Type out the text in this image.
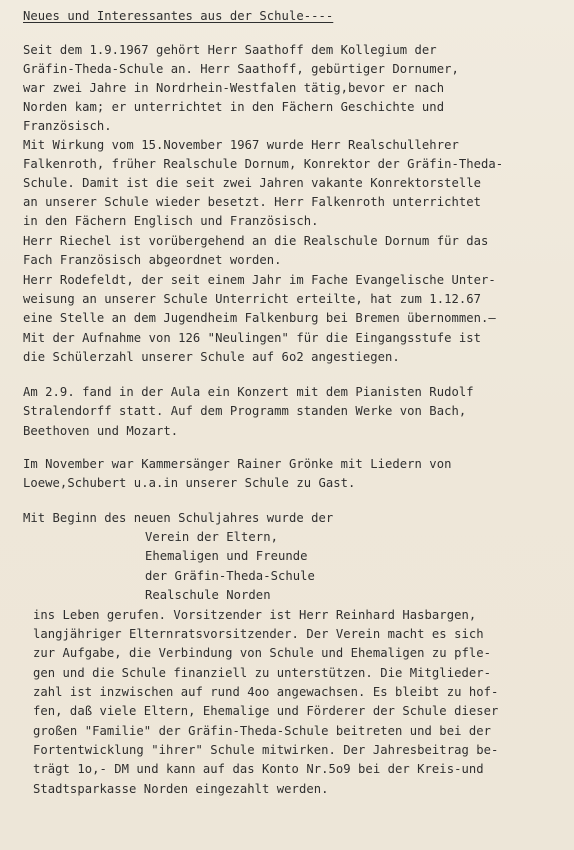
Neues und Interessantes aus der Schule----
Seit dem 1.9.1967 gehört Herr Saathoff dem Kollegium der
Gräfin-Theda-Schule an. Herr Saathoff, gebürtiger Dornumer,
war zwei Jahre in Nordrhein-Westfalen tätig,bevor er nach
Norden kam; er unterrichtet in den Fächern Geschichte und
Französisch.
Mit Wirkung vom 15.November 1967 wurde Herr Realschullehrer
Falkenroth, früher Realschule Dornum, Konrektor der Gräfin-Theda-
Schule. Damit ist die seit zwei Jahren vakante Konrektorstelle
an unserer Schule wieder besetzt. Herr Falkenroth unterrichtet
in den Fächern Englisch und Französisch.
Herr Riechel ist vorübergehend an die Realschule Dornum für das
Fach Französisch abgeordnet worden.
Herr Rodefeldt, der seit einem Jahr im Fache Evangelische Unter-
weisung an unserer Schule Unterricht erteilte, hat zum 1.12.67
eine Stelle an dem Jugendheim Falkenburg bei Bremen übernommen.—
Mit der Aufnahme von 126 "Neulingen" für die Eingangsstufe ist
die Schülerzahl unserer Schule auf 6o2 angestiegen.
Am 2.9. fand in der Aula ein Konzert mit dem Pianisten Rudolf
Stralendorff statt. Auf dem Programm standen Werke von Bach,
Beethoven und Mozart.
Im November war Kammersänger Rainer Grönke mit Liedern von
Loewe,Schubert u.a.in unserer Schule zu Gast.
Mit Beginn des neuen Schuljahres wurde der
Verein der Eltern,
Ehemaligen und Freunde
der Gräfin-Theda-Schule
Realschule Norden
ins Leben gerufen. Vorsitzender ist Herr Reinhard Hasbargen,
langjähriger Elternratsvorsitzender. Der Verein macht es sich
zur Aufgabe, die Verbindung von Schule und Ehemaligen zu pfle-
gen und die Schule finanziell zu unterstützen. Die Mitglieder-
zahl ist inzwischen auf rund 4oo angewachsen. Es bleibt zu hof-
fen, daß viele Eltern, Ehemalige und Förderer der Schule dieser
großen "Familie" der Gräfin-Theda-Schule beitreten und bei der
Fortentwicklung "ihrer" Schule mitwirken. Der Jahresbeitrag be-
trägt 1o,- DM und kann auf das Konto Nr.5o9 bei der Kreis-und
Stadtsparkasse Norden eingezahlt werden.
